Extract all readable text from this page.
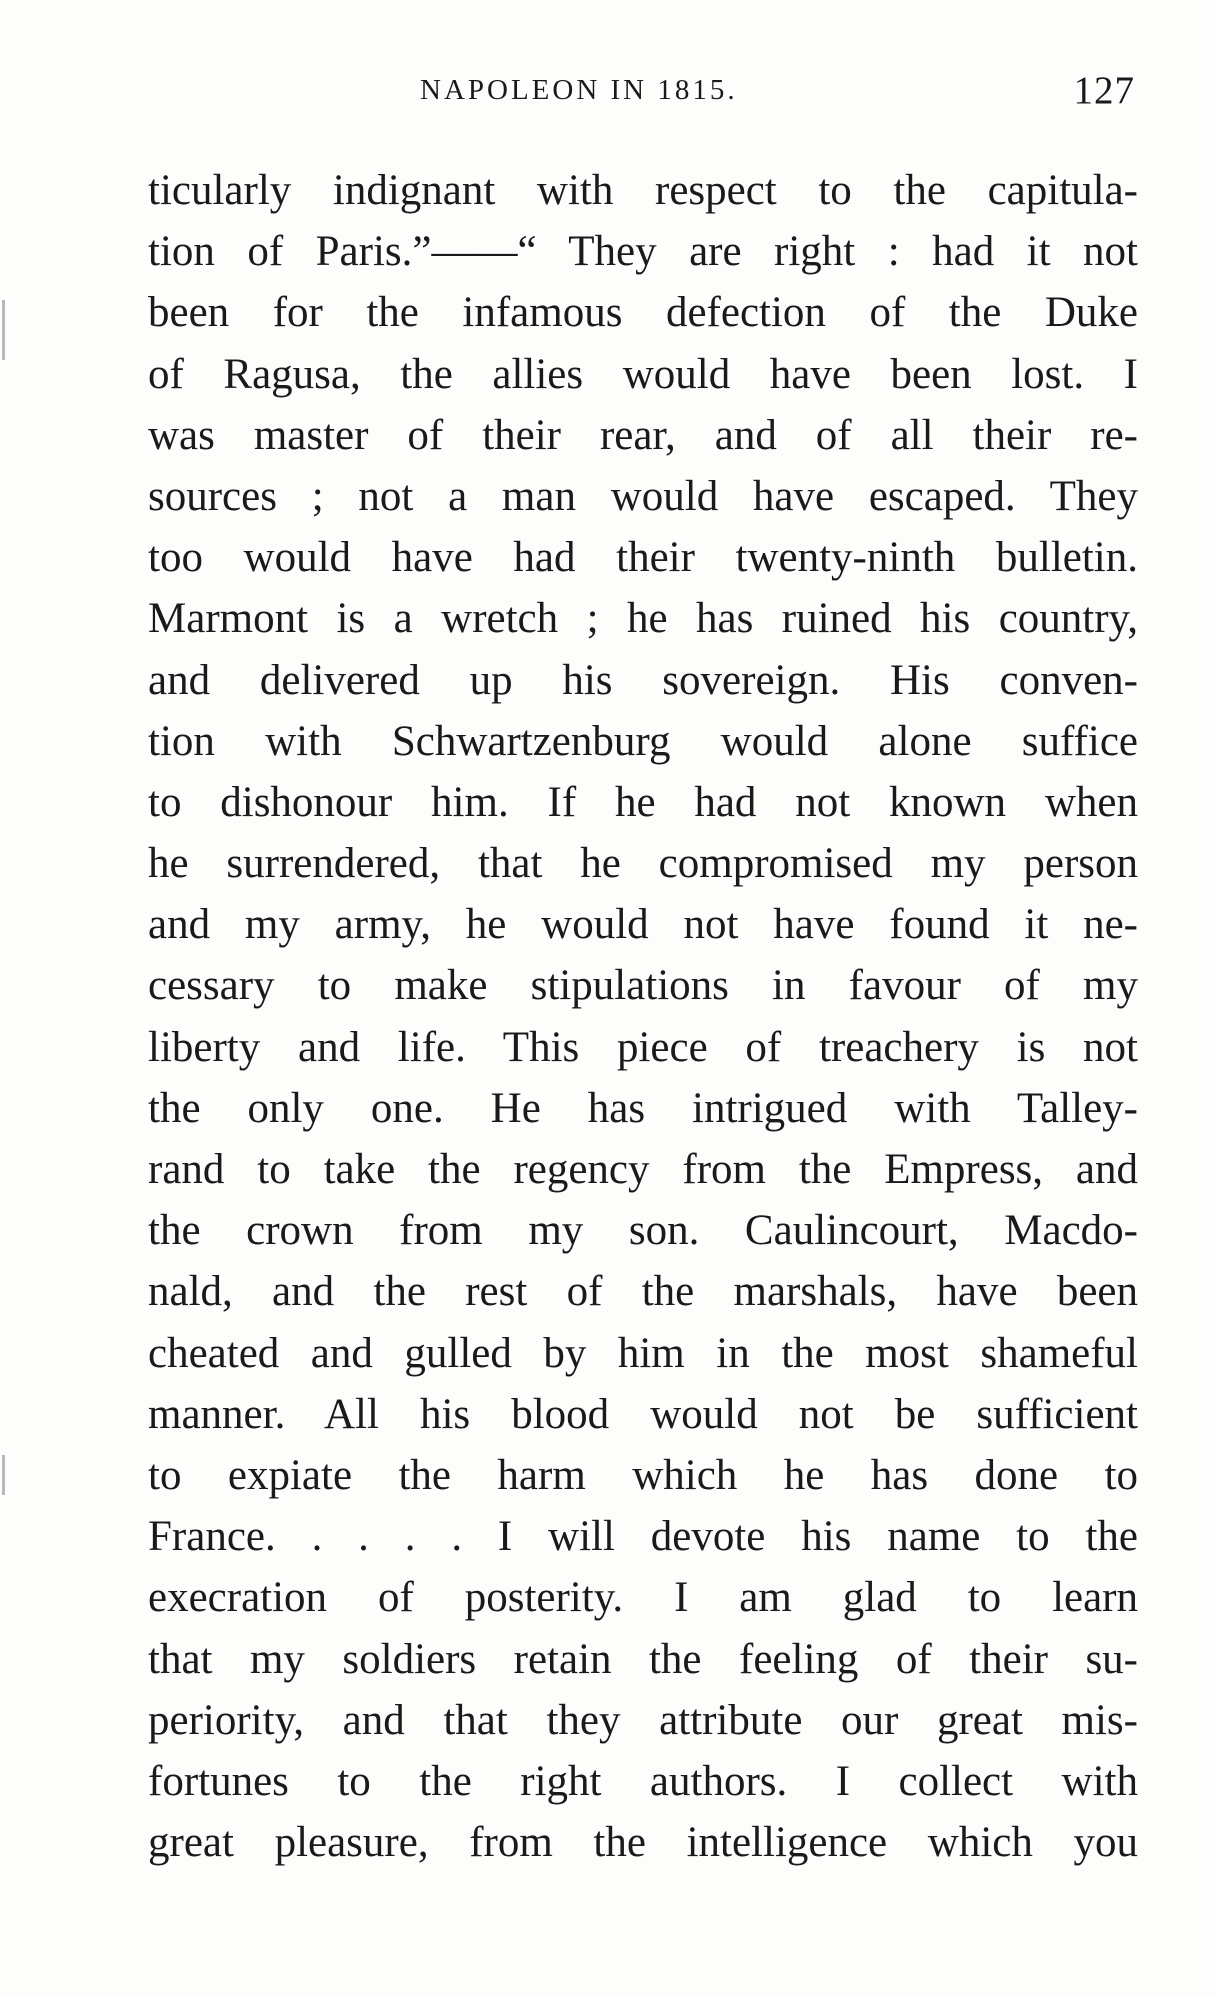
NAPOLEON IN 1815.	127
ticularly indignant with respect to the capitula-
tion of Paris.”——“ They are right : had it not
been for the infamous defection of the Duke
of Ragusa, the allies would have been lost. I
was master of their rear, and of all their re-
sources ; not a man would have escaped. They
too would have had their twenty-ninth bulletin.
Marmont is a wretch ; he has ruined his country,
and delivered up his sovereign. His conven-
tion with Schwartzenburg would alone suffice
to dishonour him. If he had not known when
he surrendered, that he compromised my person
and my army, he would not have found it ne-
cessary to make stipulations in favour of my
liberty and life. This piece of treachery is not
the only one. He has intrigued with Talley-
rand to take the regency from the Empress, and
the crown from my son. Caulincourt, Macdo-
nald, and the rest of the marshals, have been
cheated and gulled by him in the most shameful
manner. All his blood would not be sufficient
to expiate the harm which he has done to
France. . . . . I will devote his name to the
execration of posterity. I am glad to learn
that my soldiers retain the feeling of their su-
periority, and that they attribute our great mis-
fortunes to the right authors. I collect with
great pleasure, from the intelligence which you
